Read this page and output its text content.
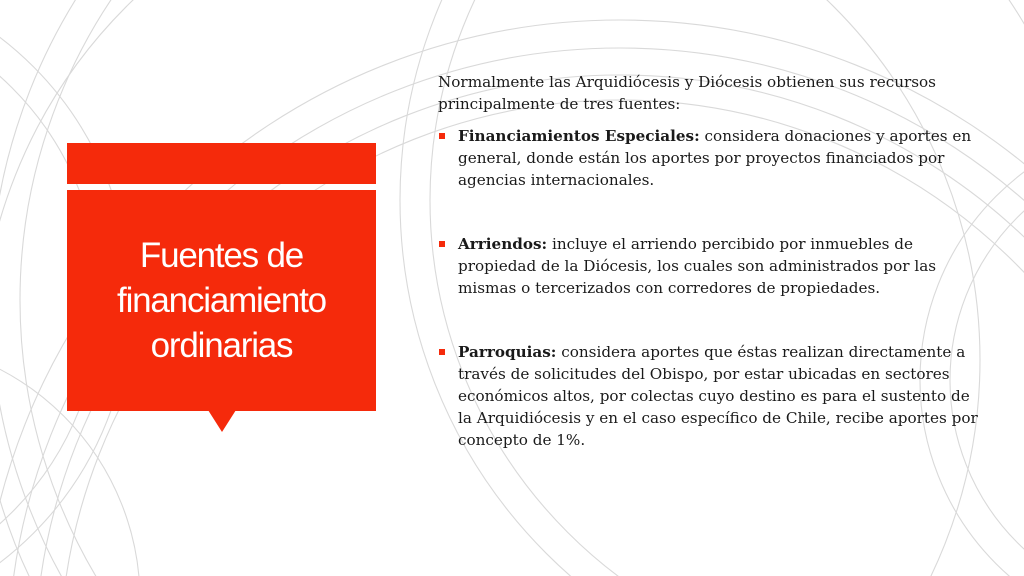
Fuentes de
financiamiento
ordinarias

Normalmente las Arquidiócesis y Diócesis obtienen sus recursos principalmente de tres fuentes:

Financiamientos Especiales: considera donaciones y aportes en general, donde están los aportes por proyectos financiados por agencias internacionales.
Arriendos: incluye el arriendo percibido por inmuebles de propiedad de la Diócesis, los cuales son administrados por las mismas o tercerizados con corredores de propiedades.
Parroquias: considera aportes que éstas realizan directamente a través de solicitudes del Obispo, por estar ubicadas en sectores económicos altos, por colectas cuyo destino es para el sustento de la Arquidiócesis y en el caso específico de Chile, recibe aportes por concepto de 1%.
